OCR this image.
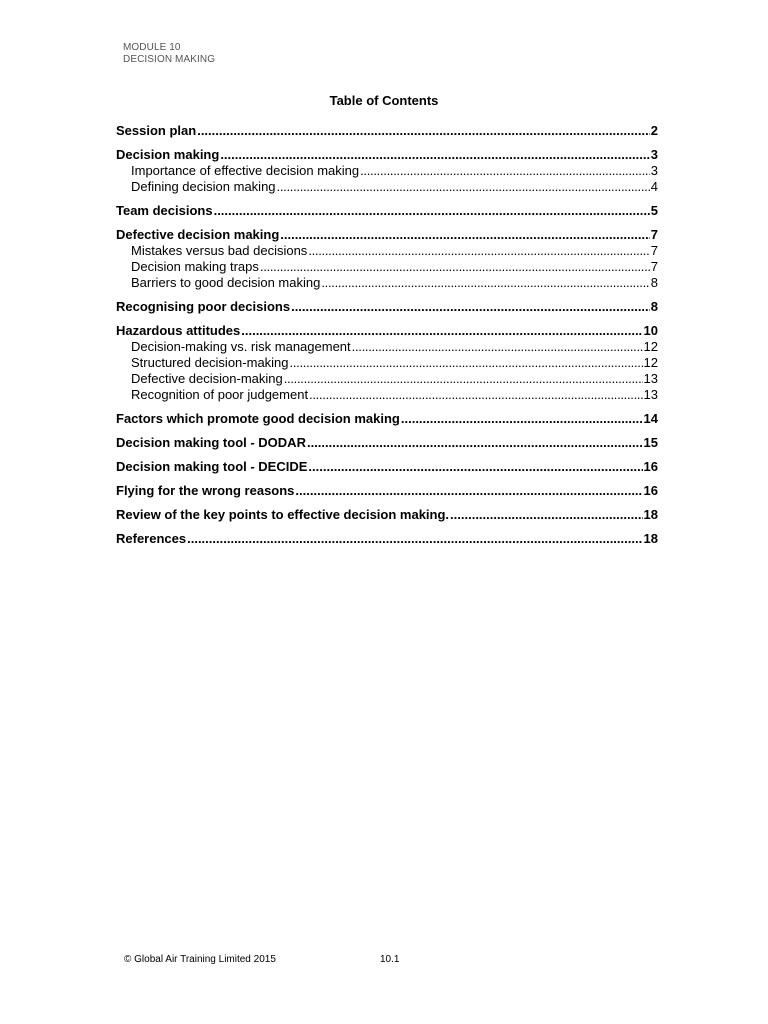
MODULE 10
DECISION MAKING
Table of Contents
Session plan .....	2
Decision making .....	3
Importance of effective decision making .....	3
Defining decision making .....	4
Team decisions .....	5
Defective decision making .....	7
Mistakes versus bad decisions .....	7
Decision making traps .....	7
Barriers to good decision making .....	8
Recognising poor decisions .....	8
Hazardous attitudes .....	10
Decision-making vs. risk management .....	12
Structured decision-making .....	12
Defective decision-making .....	13
Recognition of poor judgement .....	13
Factors which promote good decision making .....	14
Decision making tool - DODAR .....	15
Decision making tool - DECIDE .....	16
Flying for the wrong reasons .....	16
Review of the key points to effective decision making. .....	18
References .....	18
© Global Air Training Limited 2015	10.1
